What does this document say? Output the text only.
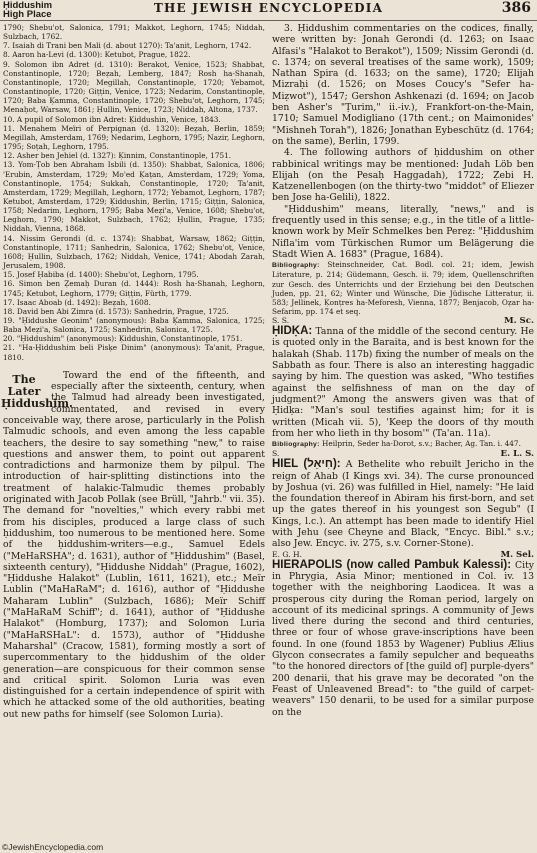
Ḥiddushim
High Place	THE JEWISH ENCYCLOPEDIA	386

1790; Shebu'ot, Salonica, 1791; Makkot, Leghorn, 1745; Niddah, Sulzbach, 1762.

7. Isaiah di Trani ben Mali (d. about 1270): Ta'anit, Leghorn, 1742.

8. Aaron ha-Levi (d. 1300): Ketubot, Prague, 1822.

9. Solomon ibn Adret (d. 1310): Berakot, Venice, 1523; Shabbat, Constantinople, 1720; Beẓah, Lemberg, 1847; Rosh ha-Shanah, Constantinople, 1720; Megillah, Constantinople, 1720; Yebamot, Constantinople, 1720; Giṭṭin, Venice, 1723; Nedarim, Constantinople, 1720; Baba Ḳamma, Constantinople, 1720; Shebu'ot, Leghorn, 1745; Menaḥot, Warsaw, 1861; Ḥullin, Venice, 1723; Niddah, Altona, 1737.

10. A pupil of Solomon ibn Adret: Ḳiddushin, Venice, 1843.

11. Menahem Meïri of Perpignan (d. 1320): Beẓah, Berlin, 1859; Megillah, Amsterdam, 1769; Nedarim, Leghorn, 1795; Nazir, Leghorn, 1795; Soṭah, Leghorn, 1795.

12. Asher ben Jehiel (d. 1327): Ḳinnim, Constantinople, 1751.

13. Yom-Ṭob ben Abraham Isbili (d. 1350): Shabbat, Salonica, 1806; 'Erubin, Amsterdam, 1729; Mo'ed Ḳaṭan, Amsterdam, 1729; Yoma, Constantinople, 1754; Sukkah, Constantinople, 1720; Ta'anit, Amsterdam, 1729; Megillah, Leghorn, 1772; Yebamot, Leghorn, 1787; Ketubot, Amsterdam, 1729; Ḳiddushin, Berlin, 1715; Giṭṭin, Salonica, 1758; Nedarim, Leghorn, 1795; Baba Meẓi'a, Venice, 1608; Shebu'ot, Leghorn, 1790; Makkot, Sulzbach, 1762; Ḥullin, Prague, 1735; Niddah, Vienna, 1868.

14. Nissim Gerondi (d. c. 1374): Shabbat, Warsaw, 1862; Giṭṭin, Constantinople, 1711; Sanhedrin, Salonica, 1762; Shebu'ot, Venice, 1608; Ḥullin, Sulzbach, 1762; Niddah, Venice, 1741; Abodah Zarah, Jerusalem, 1908.

15. Josef Ḥabiba (d. 1400): Shebu'ot, Leghorn, 1795.

16. Simon ben Ẓemaḥ Duran (d. 1444): Rosh ha-Shanah, Leghorn, 1745; Ketubot, Leghorn, 1779; Giṭṭin, Fürth, 1779.

17. Isaac Aboab (d. 1492): Beẓah, 1608.

18. David ben Abi Zimra (d. 1573): Sanhedrin, Prague, 1725.

19. "Ḥiddushe Geonim" (anonymous): Baba Ḳamma, Salonica, 1725; Baba Meẓi'a, Salonica, 1725; Sanhedrin, Salonica, 1725.

20. "Ḥiddushim" (anonymous): Ḳiddushin, Constantinople, 1751.

21. "Ha-Ḥiddushim beli Pisḳe Dinim" (anonymous): Ta'anit, Prague, 1810.

The Later Ḥiddushim.

Toward the end of the fifteenth, and especially after the sixteenth, century, when the Talmud had already been investigated, commentated, and revised in every conceivable way, there arose, particularly in the Polish Talmudic schools, and even among the less capable teachers, the desire to say something "new," to raise questions and answer them, to point out apparent contradictions and harmonize them by pilpul. The introduction of hair-splitting distinctions into the treatment of halakic-Talmudic themes probably originated with Jacob Pollak (see Brüll, "Jahrb." vii. 35). The demand for "novelties," which every rabbi met from his disciples, produced a large class of such ḥiddushim, too numerous to be mentioned here. Some of the ḥiddushim-writers—e.g., Samuel Edels ("MeHaRSHA"; d. 1631), author of "Ḥiddushim" (Basel, sixteenth century), "Ḥiddushe Niddah" (Prague, 1602), "Ḥiddushe Halakot" (Lublin, 1611, 1621), etc.; Meïr Lublin ("MaHaRaM"; d. 1616), author of "Ḥiddushe Maharam Lublin" (Sulzbach, 1686); Meïr Schiff ("MaHaRaM Schiff"; d. 1641), author of "Ḥiddushe Halakot" (Homburg, 1737); and Solomon Luria ("MaHaRSHaL": d. 1573), author of "Ḥiddushe Maharshal" (Cracow, 1581), forming mostly a sort of supercommentary to the ḥiddushim of the older generation—are conspicuous for their common sense and critical spirit. Solomon Luria was even distinguished for a certain independence of spirit with which he attacked some of the old authorities, beating out new paths for himself (see Solomon Luria).

3. Ḥiddushim commentaries on the codices, finally, were written by: Jonah Gerondi (d. 1263; on Isaac Alfasi's "Halakot to Berakot"), 1509; Nissim Gerondi (d. c. 1374; on several treatises of the same work), 1509; Nathan Spira (d. 1633; on the same), 1720; Elijah Mizraḥi (d. 1526; on Moses Coucy's "Sefer ha-Miẓwot"), 1547; Gershon Ashkenazi (d. 1694; on Jacob ben Asher's "Ṭurim," ii.-iv.), Frankfort-on-the-Main, 1710; Samuel Modigliano (17th cent.; on Maimonides' "Mishneh Torah"), 1826; Jonathan Eybeschütz (d. 1764; on the same), Berlin, 1799.

4. The following authors of ḥiddushim on other rabbinical writings may be mentioned: Judah Löb ben Elijah (on the Pesaḥ Haggadah), 1722; Ẓebi H. Katzenellenbogen (on the thirty-two "middot" of Eliezer ben Jose ha-Gelili), 1822.

"Ḥiddushim" means, literally, "news," and is frequently used in this sense; e.g., in the title of a little-known work by Meïr Schmelkes ben Pereẓ: "Ḥiddushim Nifla'im vom Türkischen Rumor um Belägerung die Stadt Wien A. 1683" (Prague, 1684).

Bibliography: Steinschneider, Cat. Bodl. col. 21; idem, Jewish Literature, p. 214; Güdemann, Gesch. ii. 79; idem, Quellenschriften zur Gesch. des Unterrichts und der Erziehung bei den Deutschen Juden, pp. 21, 62; Winter und Wünsche, Die Jüdische Litteratur, ii. 583; Jellinek, Ḳonṭres ha-Meforesh, Vienna, 1877; Benjacob, Oẓar ha-Sefarim, pp. 174 et seq.

S. S.	M. Sc.

ḤIDḲA: Tanna of the middle of the second century. He is quoted only in the Baraita, and is best known for the halakah (Shab. 117b) fixing the number of meals on the Sabbath as four. There is also an interesting haggadic saying by him. The question was asked, "Who testifies against the selfishness of man on the day of judgment?" Among the answers given was that of Ḥidḳa: "Man's soul testifies against him; for it is written (Micah vii. 5), 'Keep the doors of thy mouth from her who lieth in thy bosom'" (Ta'an. 11a).

Bibliography: Heilprin, Seder ha-Dorot, s.v.; Bacher, Ag. Tan. i. 447.

S.	E. L. S.

HIEL (חִיאֵל): A Bethelite who rebuilt Jericho in the reign of Ahab (I Kings xvi. 34). The curse pronounced by Joshua (vi. 26) was fulfilled in Hiel, namely: "He laid the foundation thereof in Abiram his first-born, and set up the gates thereof in his youngest son Segub" (I Kings, l.c.). An attempt has been made to identify Hiel with Jehu (see Cheyne and Black, "Encyc. Bibl." s.v.; also Jew. Encyc. iv. 275, s.v. Corner-Stone).

E. G. H.	M. Sel.

HIERAPOLIS (now called Pambuk Kalessi): City in Phrygia, Asia Minor; mentioned in Col. iv. 13 together with the neighboring Laodicea. It was a prosperous city during the Roman period, largely on account of its medicinal springs. A community of Jews lived there during the second and third centuries, three or four of whose grave-inscriptions have been found. In one (found 1853 by Wagener) Publius Ælius Glycon consecrates a family sepulcher and bequeaths "to the honored directors of [the guild of] purple-dyers" 200 denarii, that his grave may be decorated "on the Feast of Unleavened Bread": to "the guild of carpet-weavers" 150 denarii, to be used for a similar purpose on the

©JewishEncyclopedia.com
